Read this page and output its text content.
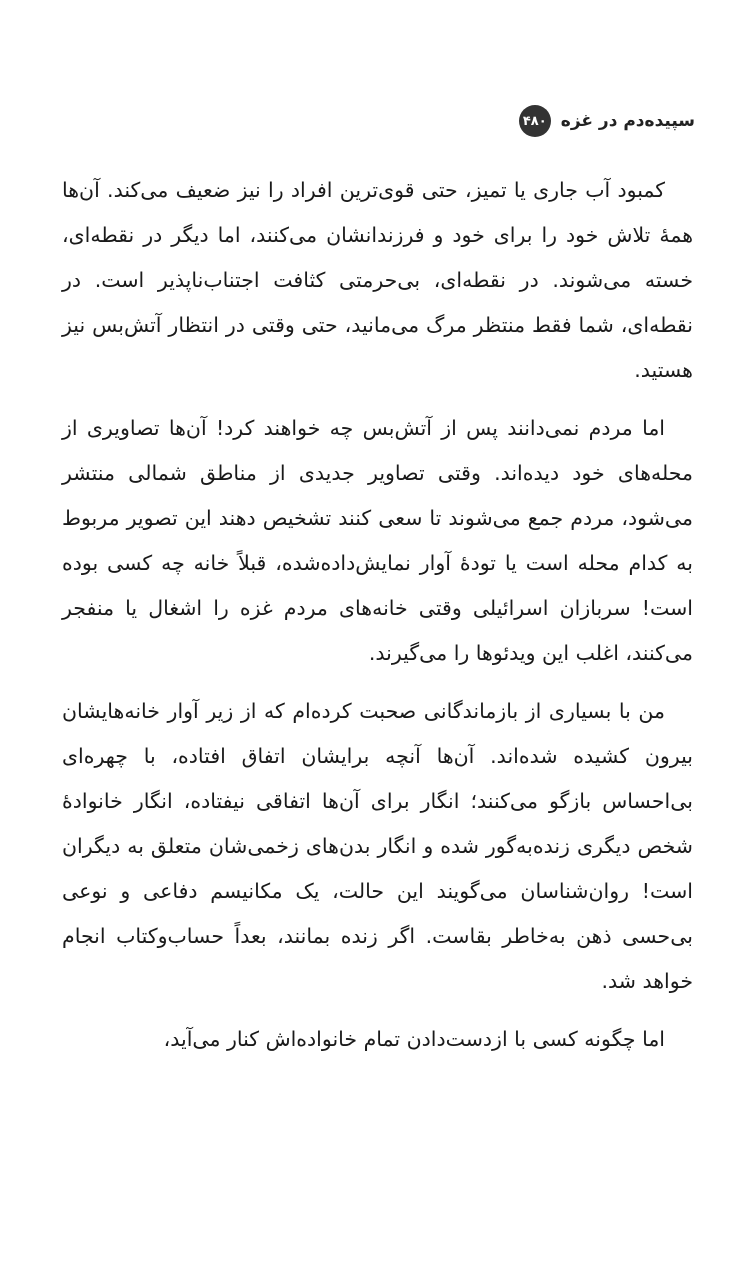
۴۸۰ سپیده‌دم در غزه

کمبود آب جاری یا تمیز، حتی قوی‌ترین افراد را نیز ضعیف می‌کند. آن‌ها همهٔ تلاش خود را برای خود و فرزندانشان می‌کنند، اما دیگر در نقطه‌ای، خسته می‌شوند. در نقطه‌ای، بی‌حرمتی کثافت اجتناب‌ناپذیر است. در نقطه‌ای، شما فقط منتظر مرگ می‌مانید، حتی وقتی در انتظار آتش‌بس نیز هستید.

اما مردم نمی‌دانند پس از آتش‌بس چه خواهند کرد! آن‌ها تصاویری از محله‌های خود دیده‌اند. وقتی تصاویر جدیدی از مناطق شمالی منتشر می‌شود، مردم جمع می‌شوند تا سعی کنند تشخیص دهند این تصویر مربوط به کدام محله است یا تودهٔ آوار نمایش‌داده‌شده، قبلاً خانه چه کسی بوده است! سربازان اسرائیلی وقتی خانه‌های مردم غزه را اشغال یا منفجر می‌کنند، اغلب این ویدئوها را می‌گیرند.

من با بسیاری از بازماندگانی صحبت کرده‌ام که از زیر آوار خانه‌هایشان بیرون کشیده شده‌اند. آن‌ها آنچه برایشان اتفاق افتاده، با چهره‌ای بی‌احساس بازگو می‌کنند؛ انگار برای آن‌ها اتفاقی نیفتاده، انگار خانوادهٔ شخص دیگری زنده‌به‌گور شده و انگار بدن‌های زخمی‌شان متعلق به دیگران است! روان‌شناسان می‌گویند این حالت، یک مکانیسم دفاعی و نوعی بی‌حسی ذهن به‌خاطر بقاست. اگر زنده بمانند، بعداً حساب‌وکتاب انجام خواهد شد.

اما چگونه کسی با ازدست‌دادن تمام خانواده‌اش کنار می‌آید،
